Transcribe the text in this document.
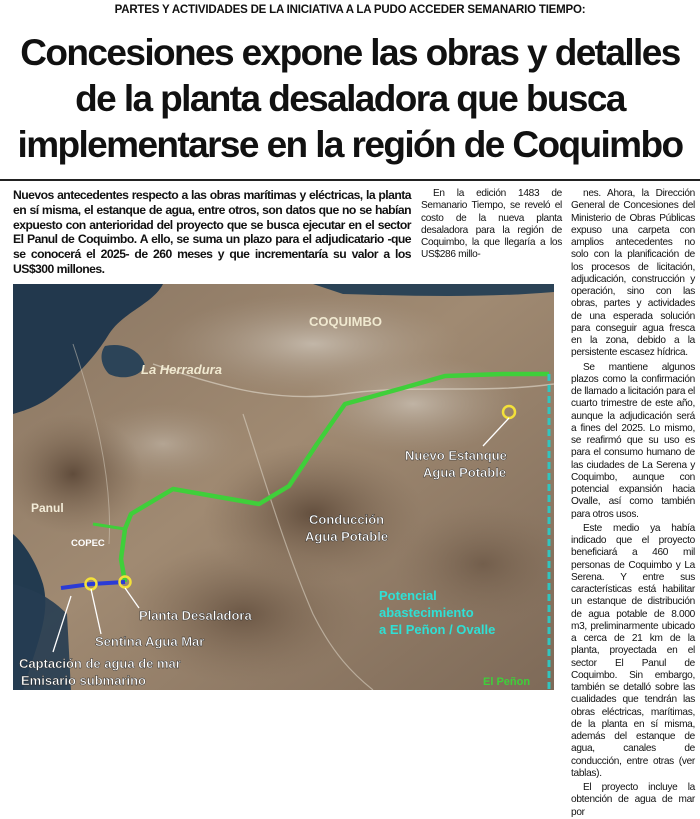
PARTES Y ACTIVIDADES DE LA INICIATIVA A LA PUDO ACCEDER SEMANARIO TIEMPO:
Concesiones expone las obras y detalles de la planta desaladora que busca implementarse en la región de Coquimbo

Nuevos antecedentes respecto a las obras marítimas y eléctricas, la planta en sí misma, el estanque de agua, entre otros, son datos que no se habían expuesto con anterioridad del proyecto que se busca ejecutar en el sector El Panul de Coquimbo. A ello, se suma un plazo para el adjudicatario -que se conocerá el 2025- de 260 meses y que incrementaría su valor a los US$300 millones.

En la edición 1483 de Semanario Tiempo, se reveló el costo de la nueva planta desaladora para la región de Coquimbo, la que llegaría a los US$286 millo-

nes. Ahora, la Dirección General de Concesiones del Ministerio de Obras Públicas expuso una carpeta con amplios antecedentes no solo con la planificación de los procesos de licitación, adjudicación, construcción y operación, sino con las obras, partes y actividades de una esperada solución para conseguir agua fresca en la zona, debido a la persistente escasez hídrica.

Se mantiene algunos plazos como la confirmación de llamado a licitación para el cuarto trimestre de este año, aunque la adjudicación será a fines del 2025. Lo mismo, se reafirmó que su uso es para el consumo humano de las ciudades de La Serena y Coquimbo, aunque con potencial expansión hacia Ovalle, así como también para otros usos.

Este medio ya había indicado que el proyecto beneficiará a 460 mil personas de Coquimbo y La Serena. Y entre sus características está habilitar un estanque de distribución de agua potable de 8.000 m3, preliminarmente ubicado a cerca de 21 km de la planta, proyectada en el sector El Panul de Coquimbo. Sin embargo, también se detalló sobre las cualidades que tendrán las obras eléctricas, marítimas, de la planta en sí misma, además del estanque de agua, canales de conducción, entre otras (ver tablas).

El proyecto incluye la obtención de agua de mar por

La Herradura
COQUIMBO
Panul
COPEC
Nuevo Estanque
Agua Potable
Conducción
Agua Potable
Planta Desaladora
Sentina Agua Mar
Potencial
abastecimiento
a El Peñon / Ovalle
Captación de agua de mar
Emisario submarino	El Peñon
